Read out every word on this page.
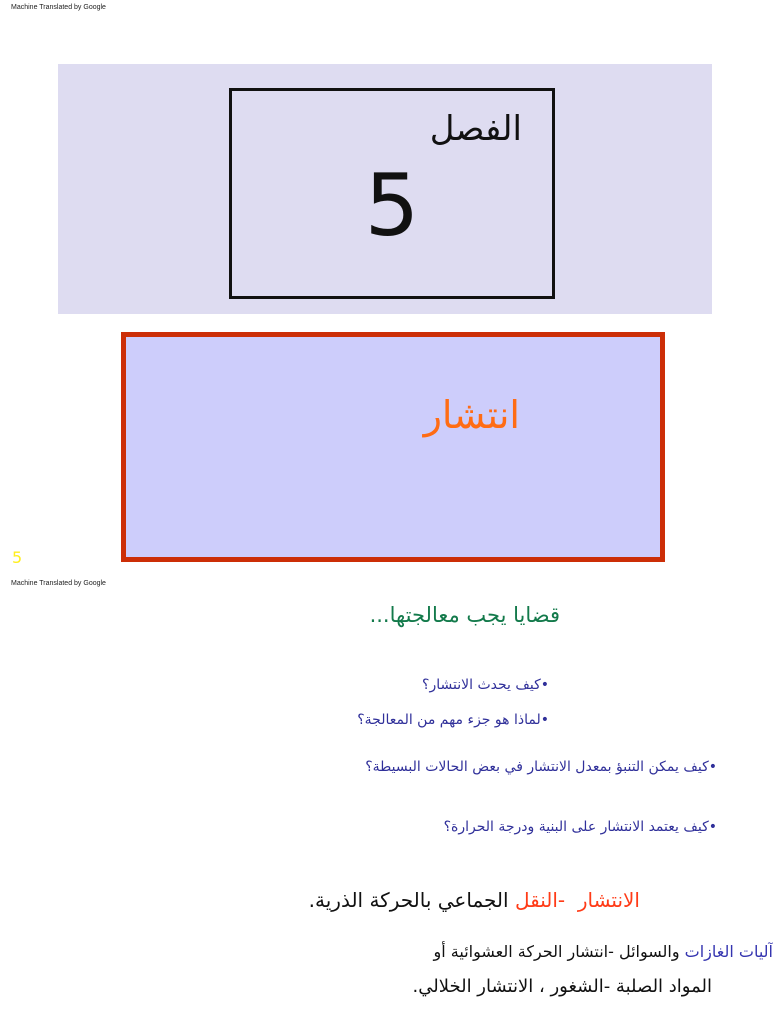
Machine Translated by Google
الفصل
5
انتشار
5
Machine Translated by Google
قضايا يجب معالجتها...
•كيف يحدث الانتشار؟
•لماذا هو جزء مهم من المعالجة؟
•كيف يمكن التنبؤ بمعدل الانتشار في بعض الحالات البسيطة؟
•كيف يعتمد الانتشار على البنية ودرجة الحرارة؟
الانتشار  -النقل الجماعي بالحركة الذرية.
آليات الغازات والسوائل -انتشار الحركة العشوائية أو
المواد الصلبة -الشغور ، الانتشار الخلالي.
